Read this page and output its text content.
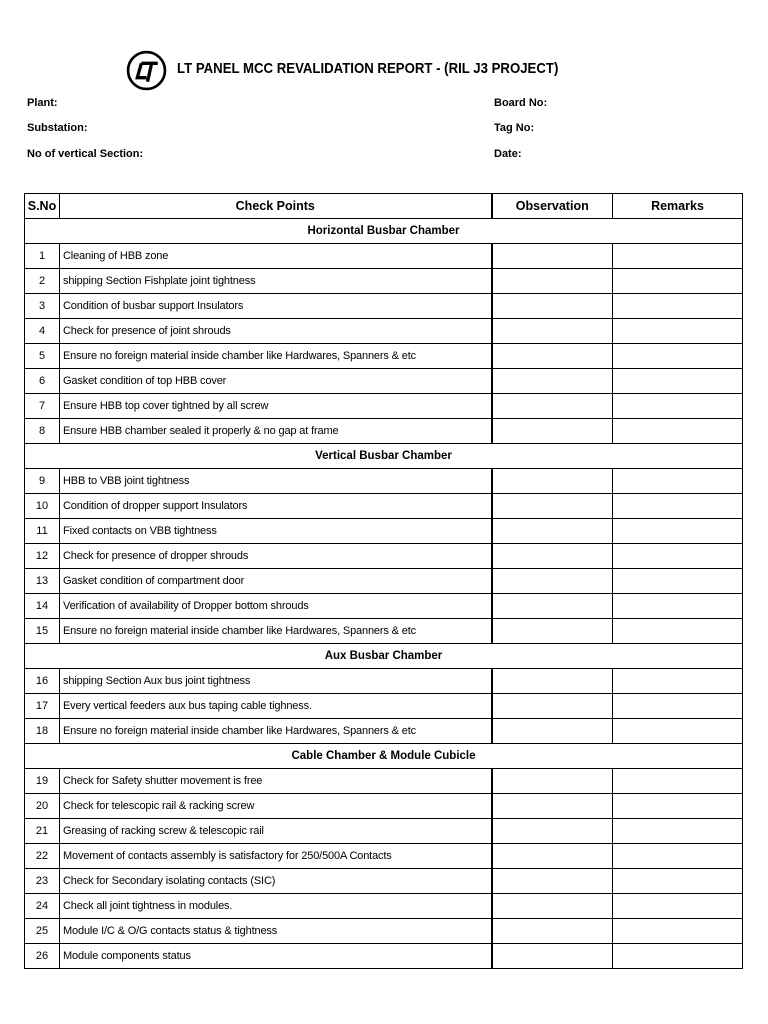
LT PANEL MCC REVALIDATION REPORT - (RIL J3 PROJECT)
Plant:
Substation:
No of vertical Section:
Board No:
Tag No:
Date:
S.No	Check Points	Observation	Remarks
Horizontal Busbar Chamber			
1	Cleaning of HBB zone		
2	shipping Section Fishplate joint tightness		
3	Condition of busbar support Insulators		
4	Check for presence of joint shrouds		
5	Ensure no foreign material inside chamber like Hardwares, Spanners & etc		
6	Gasket condition of top HBB cover		
7	Ensure HBB top cover tightned by all screw		
8	Ensure HBB chamber sealed it properly & no gap at frame		
Vertical Busbar Chamber			
9	HBB to VBB joint tightness		
10	Condition of dropper support Insulators		
11	Fixed contacts on VBB tightness		
12	Check for presence of dropper shrouds		
13	Gasket condition of compartment door		
14	Verification of availability of Dropper bottom shrouds		
15	Ensure no foreign material inside chamber like Hardwares, Spanners & etc		
Aux Busbar Chamber			
16	shipping Section Aux bus joint tightness		
17	Every vertical feeders aux bus taping cable tighness.		
18	Ensure no foreign material inside chamber like Hardwares, Spanners & etc		
Cable Chamber & Module Cubicle			
19	Check for Safety shutter movement is free		
20	Check for telescopic rail & racking screw		
21	Greasing of racking screw & telescopic rail		
22	Movement of contacts assembly is satisfactory for 250/500A Contacts		
23	Check for Secondary isolating contacts (SIC)		
24	Check all joint tightness in modules.		
25	Module I/C & O/G contacts status & tightness		
26	Module components status		
